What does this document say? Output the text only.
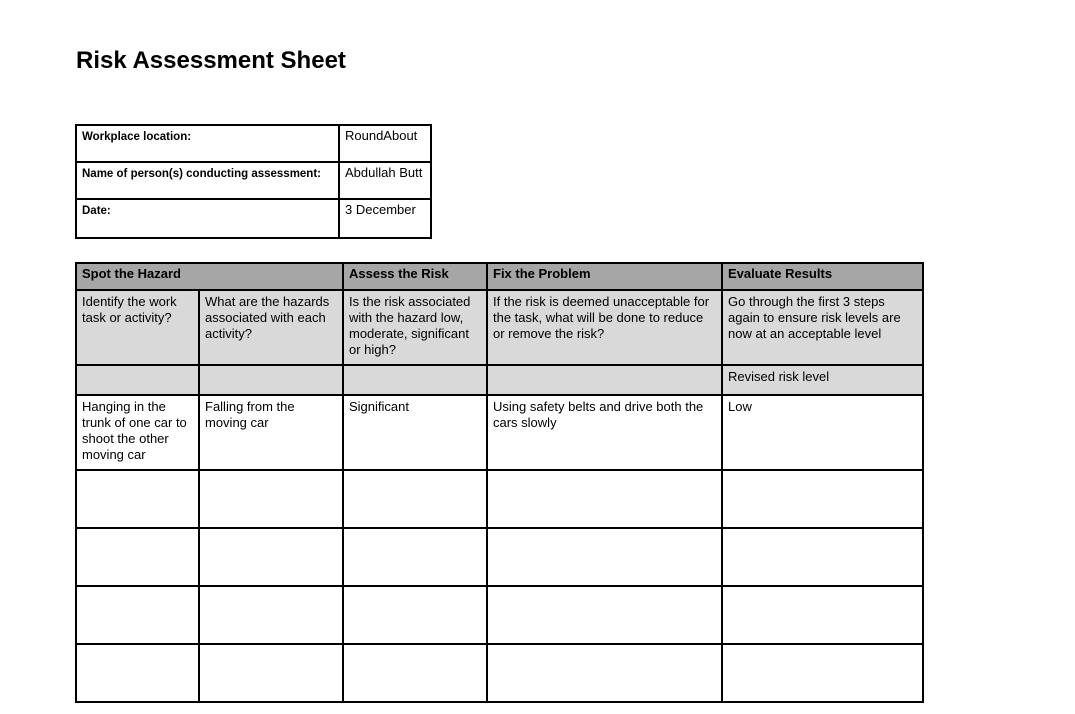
Risk Assessment Sheet
Workplace location:	RoundAbout
Name of person(s) conducting assessment:	Abdullah Butt
Date:	3 December
Spot the Hazard		Assess the Risk	Fix the Problem	Evaluate Results
Identify the work task or activity?	What are the hazards associated with each activity?	Is the risk associated with the hazard low, moderate, significant or high?	If the risk is deemed unacceptable for the task, what will be done to reduce or remove the risk?	Go through the first 3 steps again to ensure risk levels are now at an acceptable level
				Revised risk level
Hanging in the trunk of one car to shoot the other moving car	Falling from the moving car	Significant	Using safety belts and drive both the cars slowly	Low
